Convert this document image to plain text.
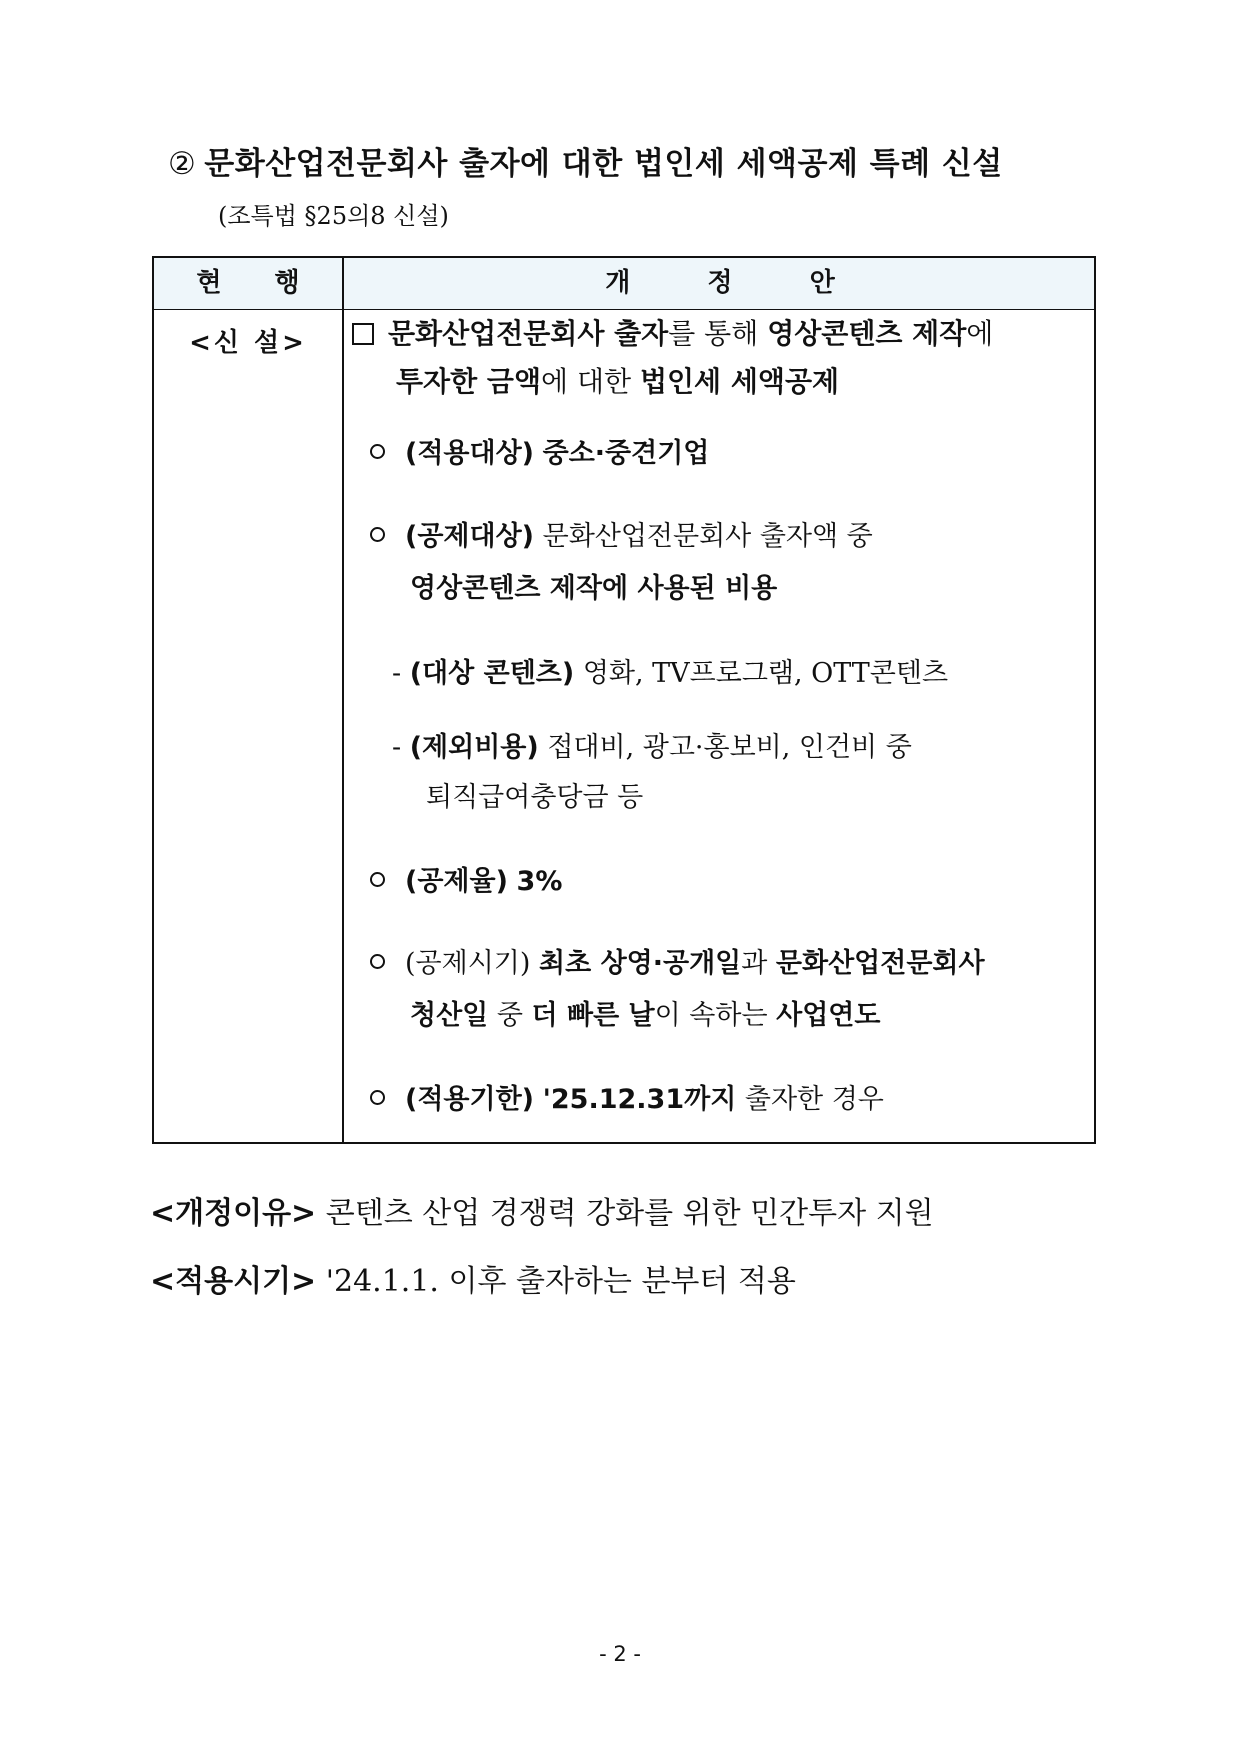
② 문화산업전문회사 출자에 대한 법인세 세액공제 특례 신설
(조특법 §25의8 신설)
현 행	개 정 안
<신 설>	문화산업전문회사 출자를 통해 영상콘텐츠 제작에
투자한 금액에 대한 법인세 세액공제
(적용대상) 중소·중견기업
(공제대상) 문화산업전문회사 출자액 중
영상콘텐츠 제작에 사용된 비용
- (대상 콘텐츠) 영화, TV프로그램, OTT콘텐츠
- (제외비용) 접대비, 광고·홍보비, 인건비 중
퇴직급여충당금 등
(공제율) 3%
(공제시기) 최초 상영·공개일과 문화산업전문회사
청산일 중 더 빠른 날이 속하는 사업연도
(적용기한) '25.12.31까지 출자한 경우
<개정이유> 콘텐츠 산업 경쟁력 강화를 위한 민간투자 지원
<적용시기> '24.1.1. 이후 출자하는 분부터 적용
- 2 -
